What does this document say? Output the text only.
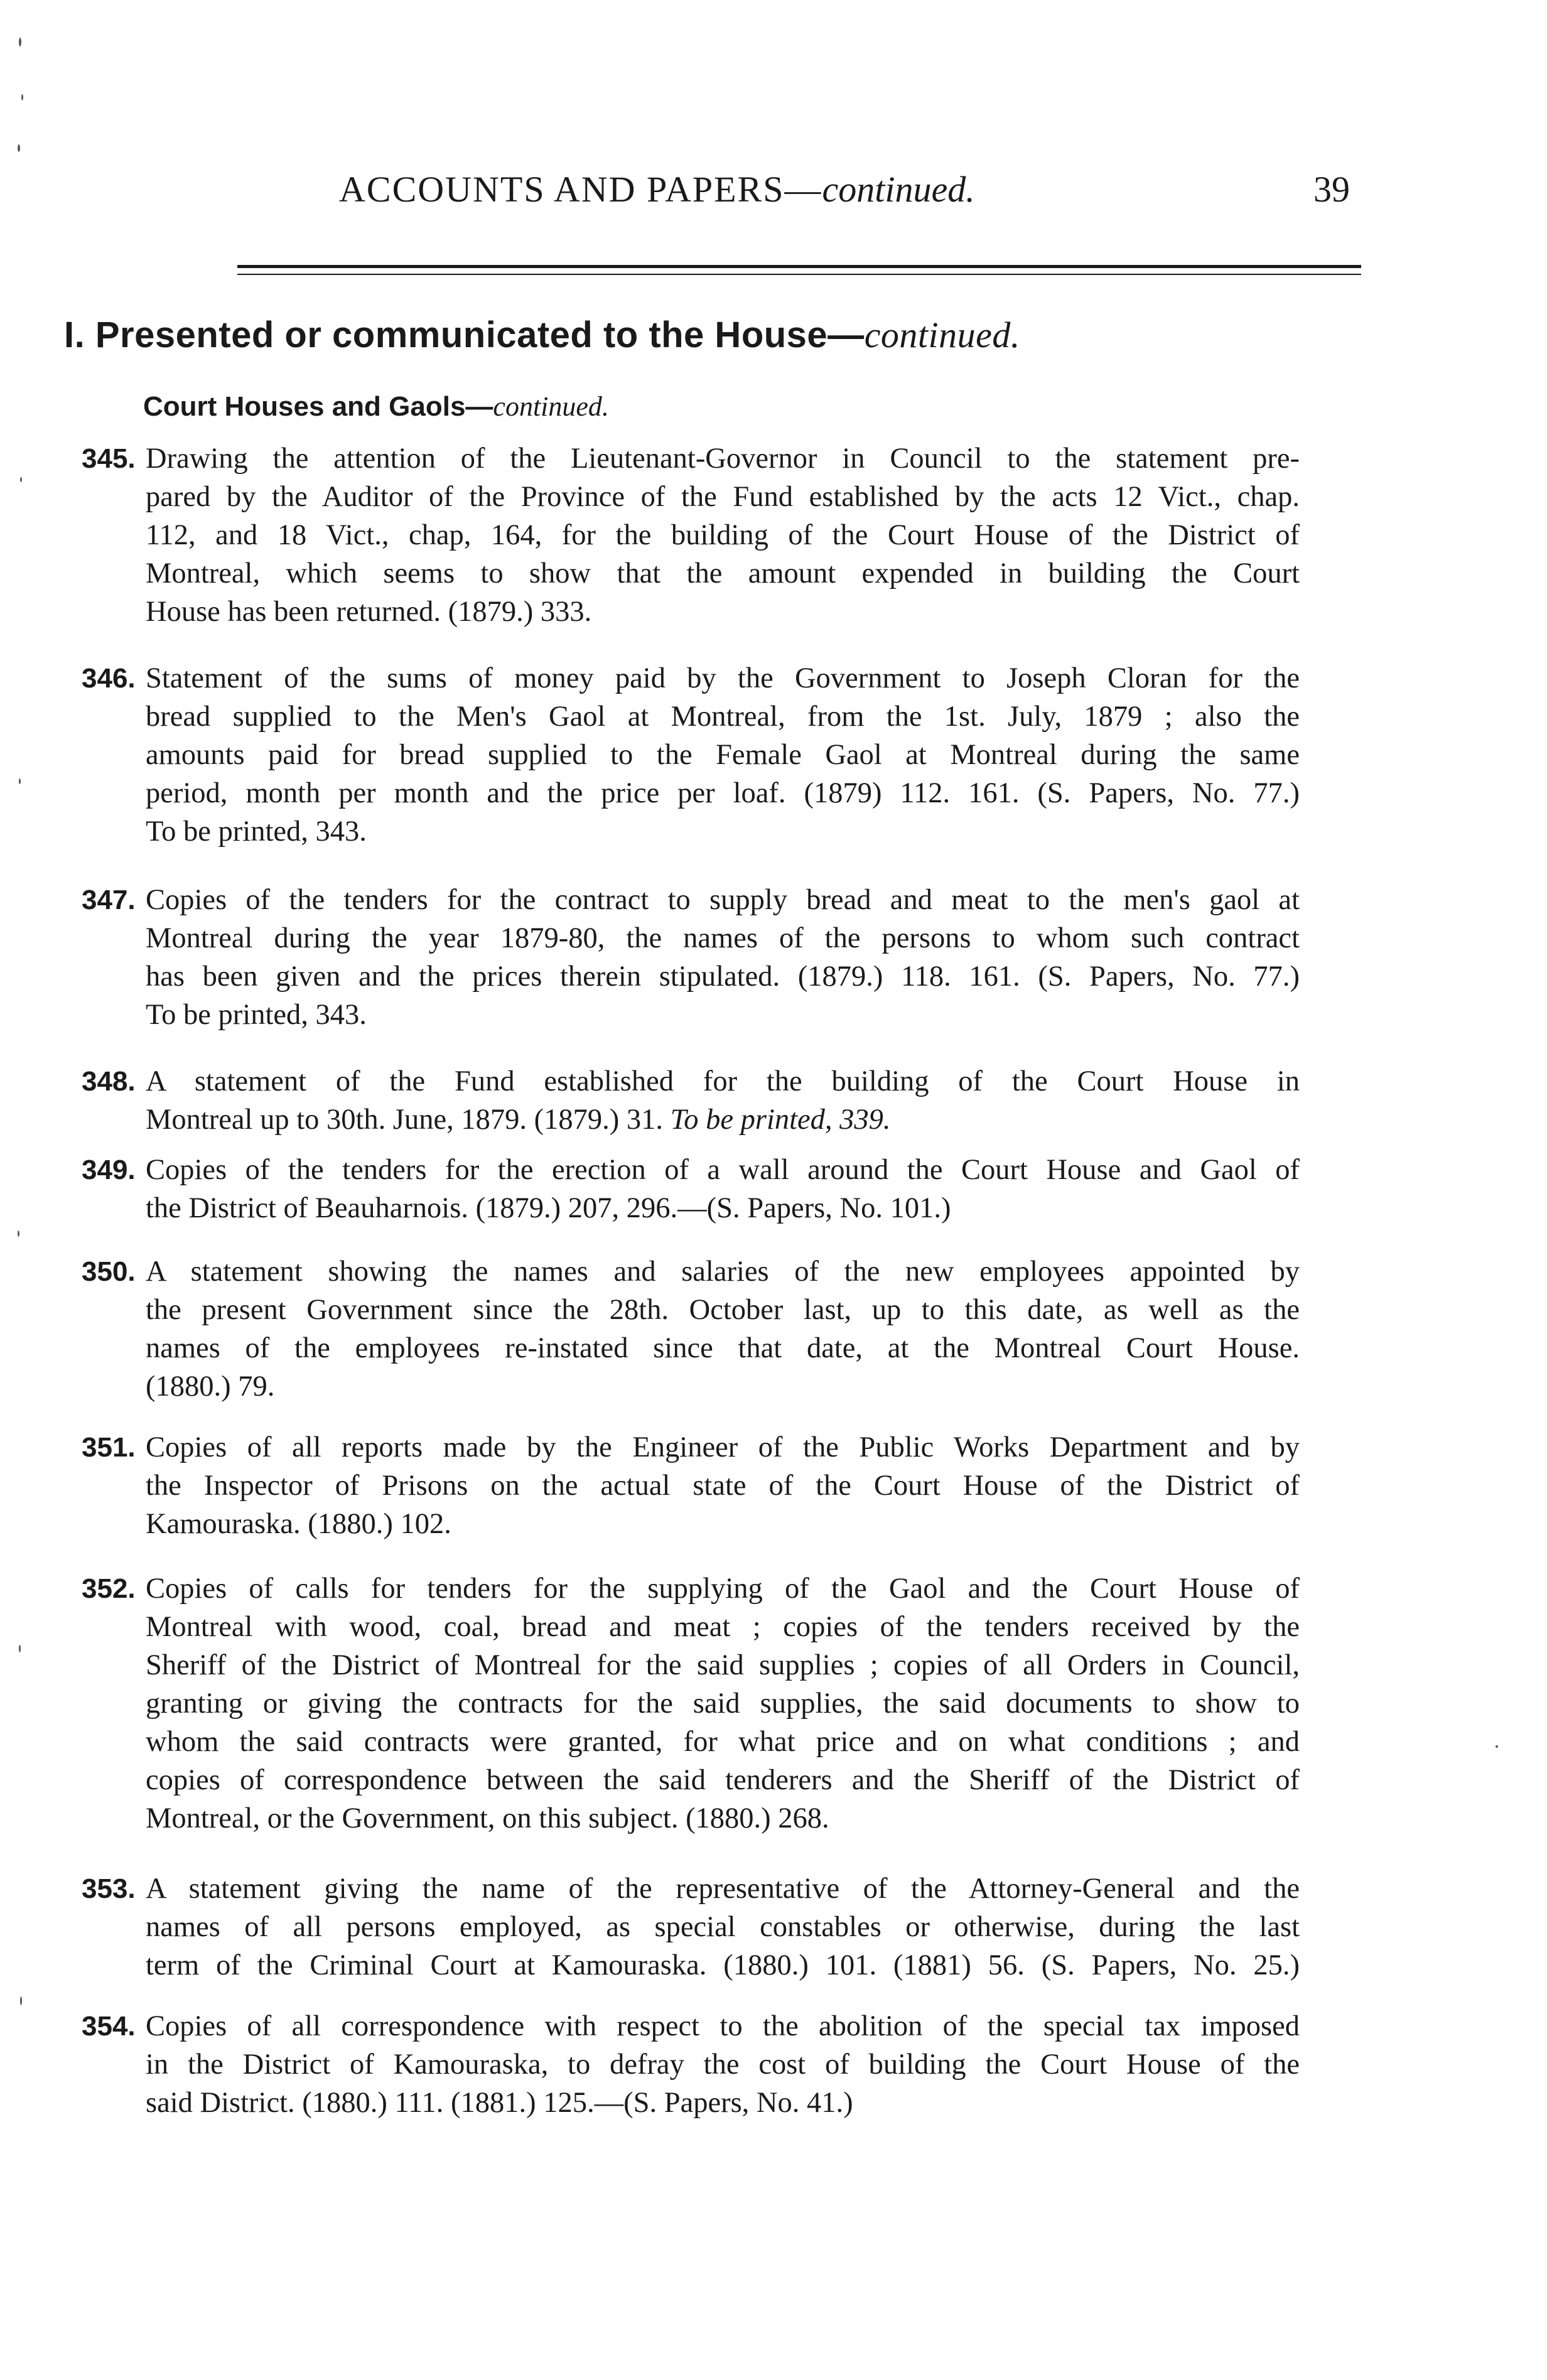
ACCOUNTS AND PAPERS—continued.	39
I. Presented or communicated to the House—continued.
Court Houses and Gaols—continued.
345. Drawing the attention of the Lieutenant-Governor in Council to the statement pre-
pared by the Auditor of the Province of the Fund established by the acts 12 Vict., chap.
112, and 18 Vict., chap, 164, for the building of the Court House of the District of
Montreal, which seems to show that the amount expended in building the Court
House has been returned. (1879.) 333.
346. Statement of the sums of money paid by the Government to Joseph Cloran for the
bread supplied to the Men's Gaol at Montreal, from the 1st. July, 1879 ; also the
amounts paid for bread supplied to the Female Gaol at Montreal during the same
period, month per month and the price per loaf. (1879) 112. 161. (S. Papers, No. 77.)
To be printed, 343.
347. Copies of the tenders for the contract to supply bread and meat to the men's gaol at
Montreal during the year 1879-80, the names of the persons to whom such contract
has been given and the prices therein stipulated. (1879.) 118. 161. (S. Papers, No. 77.)
To be printed, 343.
348. A statement of the Fund established for the building of the Court House in
Montreal up to 30th. June, 1879. (1879.) 31. To be printed, 339.
349. Copies of the tenders for the erection of a wall around the Court House and Gaol of
the District of Beauharnois. (1879.) 207, 296.—(S. Papers, No. 101.)
350. A statement showing the names and salaries of the new employees appointed by
the present Government since the 28th. October last, up to this date, as well as the
names of the employees re-instated since that date, at the Montreal Court House.
(1880.) 79.
351. Copies of all reports made by the Engineer of the Public Works Department and by
the Inspector of Prisons on the actual state of the Court House of the District of
Kamouraska. (1880.) 102.
352. Copies of calls for tenders for the supplying of the Gaol and the Court House of
Montreal with wood, coal, bread and meat ; copies of the tenders received by the
Sheriff of the District of Montreal for the said supplies ; copies of all Orders in Council,
granting or giving the contracts for the said supplies, the said documents to show to
whom the said contracts were granted, for what price and on what conditions ; and
copies of correspondence between the said tenderers and the Sheriff of the District of
Montreal, or the Government, on this subject. (1880.) 268.
353. A statement giving the name of the representative of the Attorney-General and the
names of all persons employed, as special constables or otherwise, during the last
term of the Criminal Court at Kamouraska. (1880.) 101. (1881) 56. (S. Papers, No. 25.)
354. Copies of all correspondence with respect to the abolition of the special tax imposed
in the District of Kamouraska, to defray the cost of building the Court House of the
said District. (1880.) 111. (1881.) 125.—(S. Papers, No. 41.)
